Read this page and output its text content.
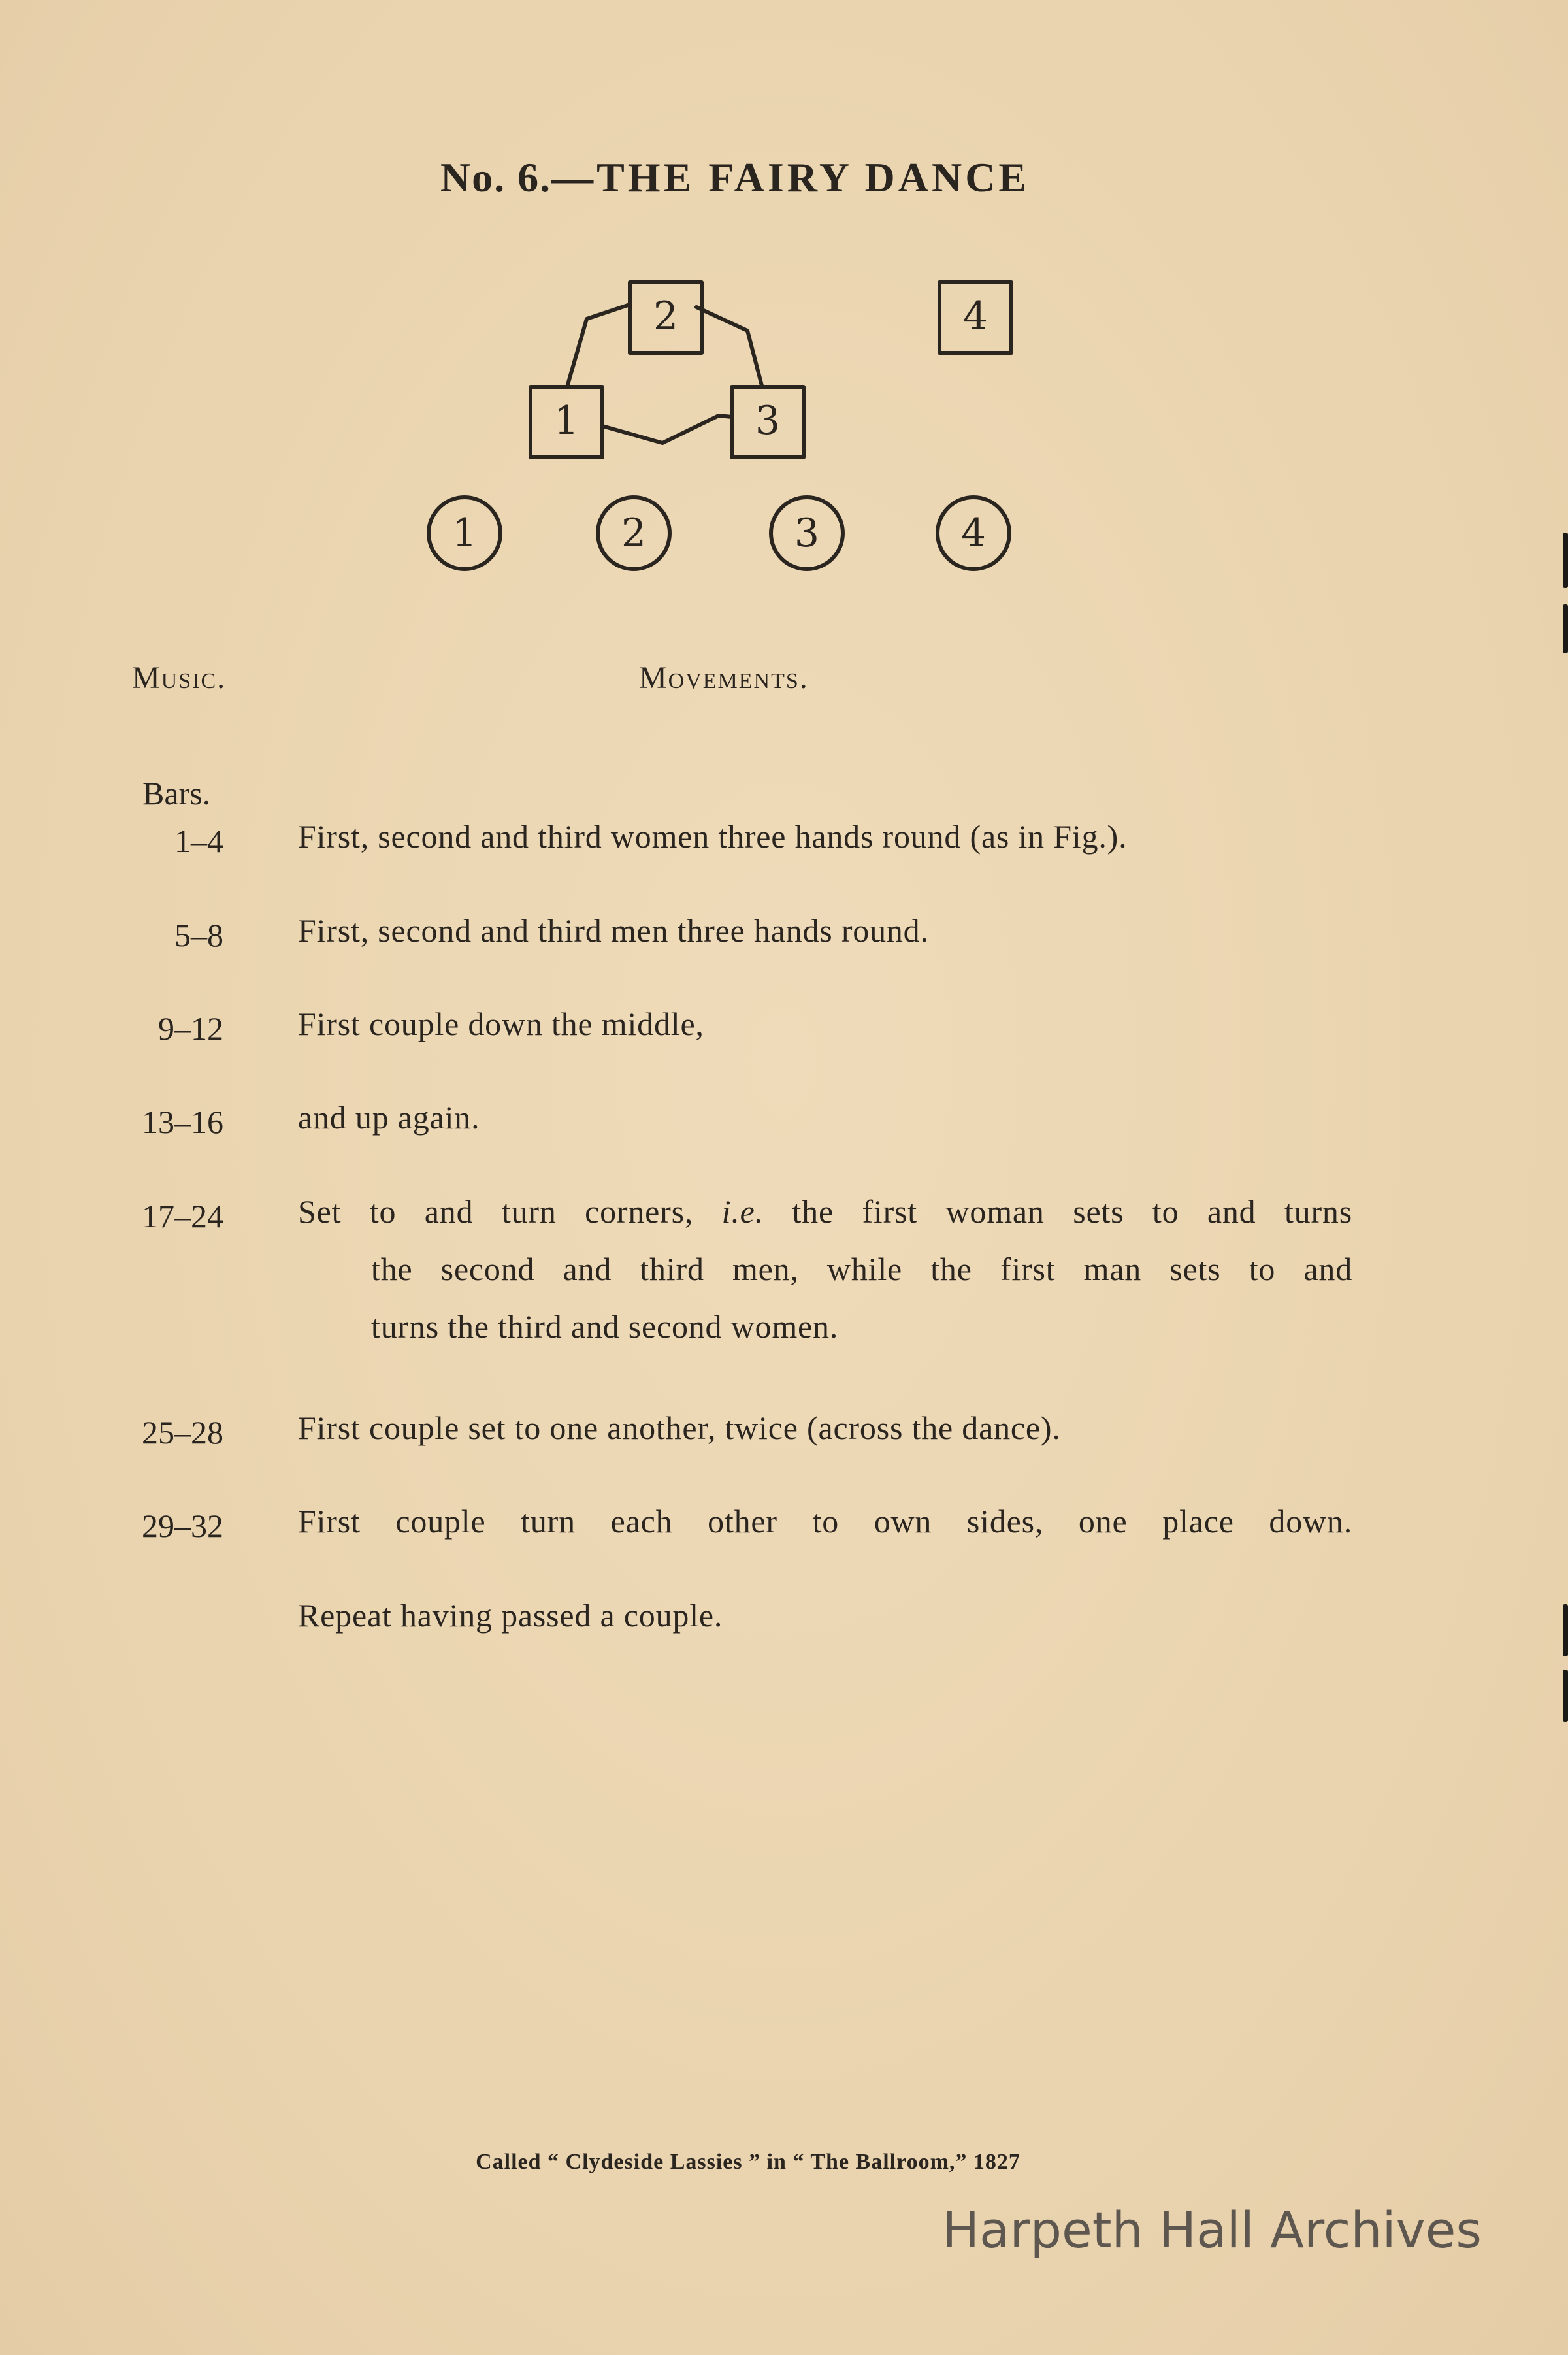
No. 6.—THE FAIRY DANCE
2
1	3
4
1	2	3	4
Music.	Movements.
Bars.
1–4 First, second and third women three hands round (as in Fig.).
5–8 First, second and third men three hands round.
9–12 First couple down the middle,
13–16 and up again.
17–24 Set to and turn corners, i.e. the first woman sets to and turns
the second and third men, while the first man sets to and
turns the third and second women.
25–28 First couple set to one another, twice (across the dance).
29–32 First couple turn each other to own sides, one place down.
Repeat having passed a couple.
Called “ Clydeside Lassies ” in “ The Ballroom,” 1827
Harpeth Hall Archives
